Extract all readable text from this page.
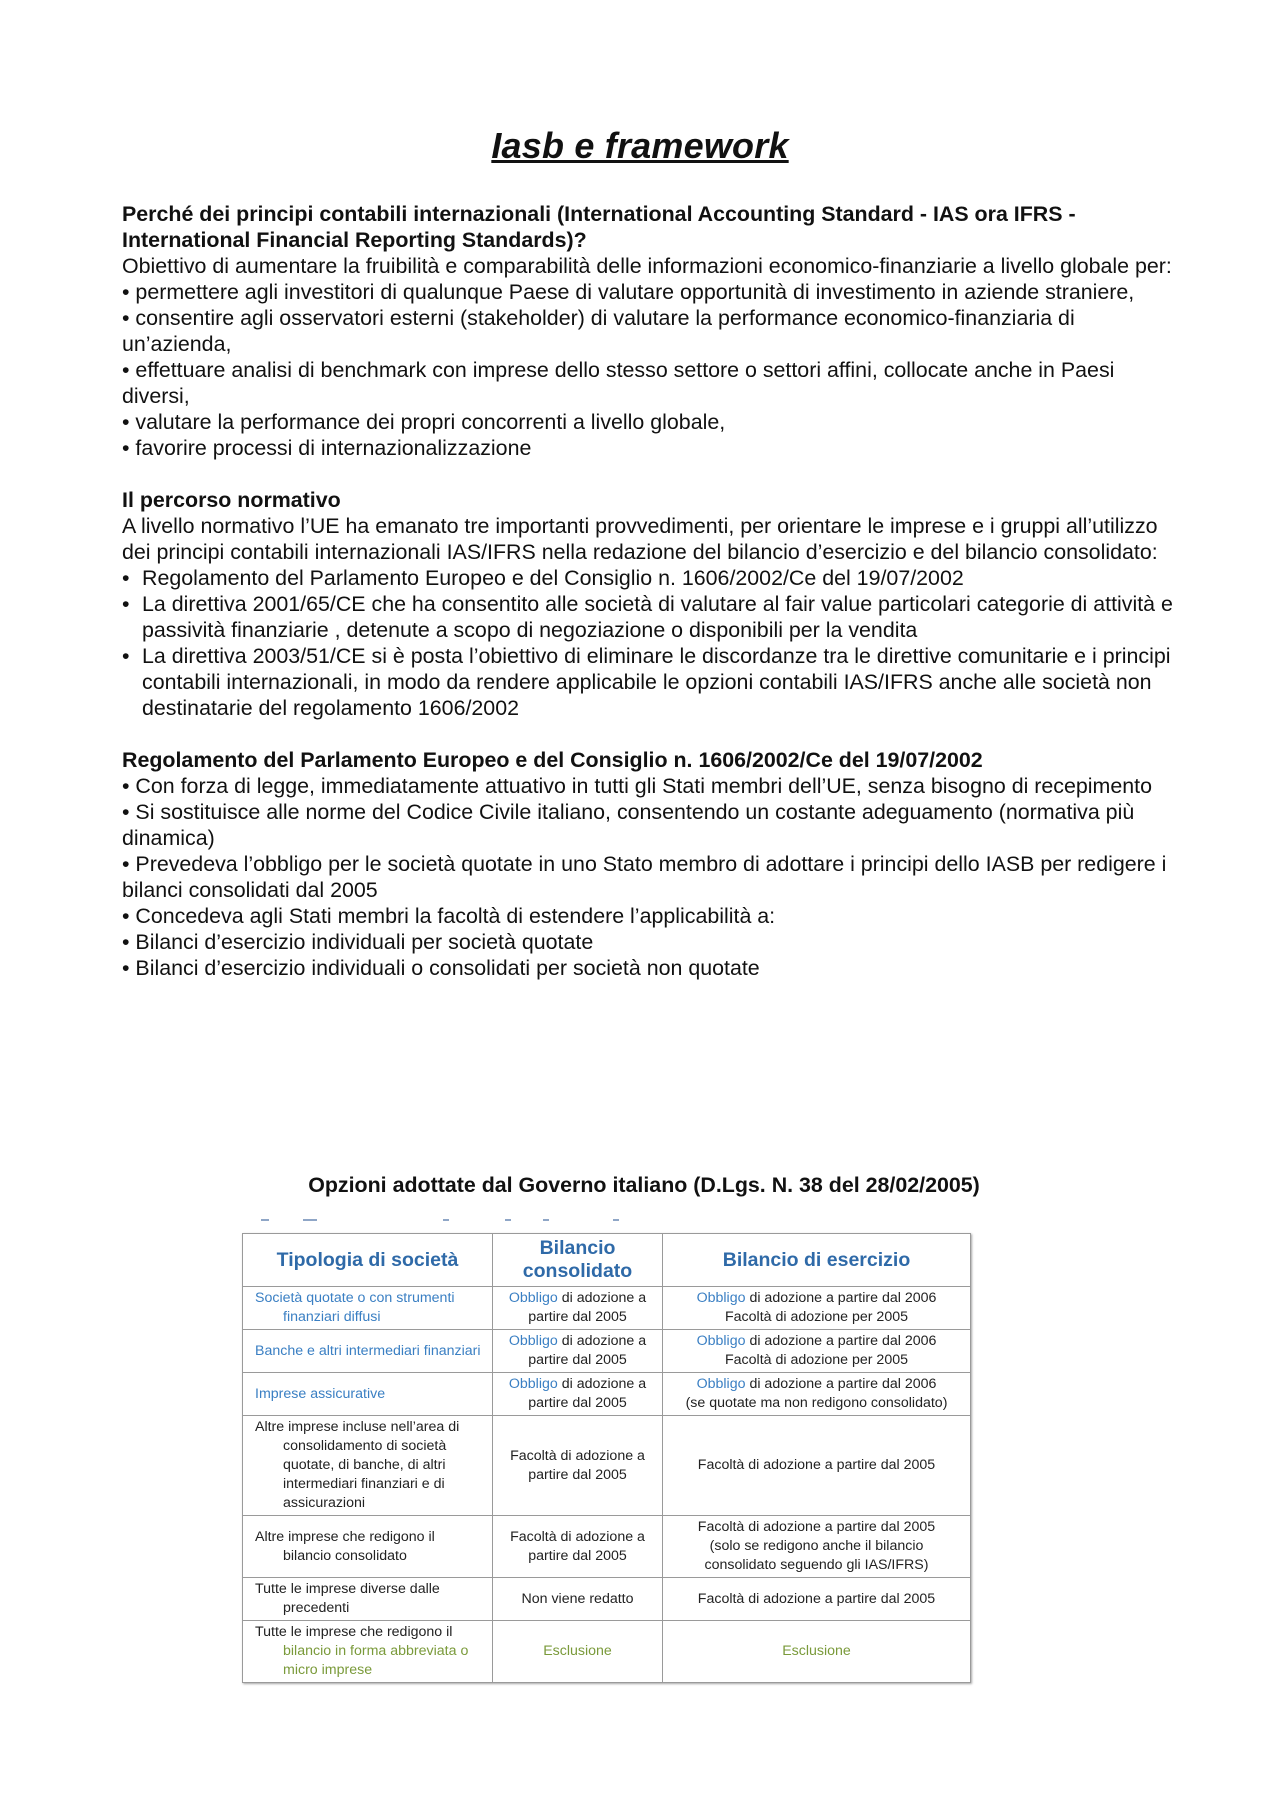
Iasb e framework

Perché dei principi contabili internazionali (International Accounting Standard - IAS ora IFRS - International Financial Reporting Standards)?

Obiettivo di aumentare la fruibilità e comparabilità delle informazioni economico-finanziarie a livello globale per:

• permettere agli investitori di qualunque Paese di valutare opportunità di investimento in aziende straniere,

• consentire agli osservatori esterni (stakeholder) di valutare la performance economico-finanziaria di un’azienda,

• effettuare analisi di benchmark con imprese dello stesso settore o settori affini, collocate anche in Paesi diversi,

• valutare la performance dei propri concorrenti a livello globale,

• favorire processi di internazionalizzazione

Il percorso normativo

A livello normativo l’UE ha emanato tre importanti provvedimenti, per orientare le imprese e i gruppi all’utilizzo dei principi contabili internazionali IAS/IFRS nella redazione del bilancio d’esercizio e del bilancio consolidato:

• Regolamento del Parlamento Europeo e del Consiglio n. 1606/2002/Ce del 19/07/2002
• La direttiva 2001/65/CE che ha consentito alle società di valutare al fair value particolari categorie di attività e passività finanziarie , detenute a scopo di negoziazione o disponibili per la vendita
• La direttiva 2003/51/CE si è posta l’obiettivo di eliminare le discordanze tra le direttive comunitarie e i principi contabili internazionali, in modo da rendere applicabile le opzioni contabili IAS/IFRS anche alle società non destinatarie del regolamento 1606/2002

Regolamento del Parlamento Europeo e del Consiglio n. 1606/2002/Ce del 19/07/2002

• Con forza di legge, immediatamente attuativo in tutti gli Stati membri dell’UE, senza bisogno di recepimento

• Si sostituisce alle norme del Codice Civile italiano, consentendo un costante adeguamento (normativa più dinamica)

• Prevedeva l’obbligo per le società quotate in uno Stato membro di adottare i principi dello IASB per redigere i bilanci consolidati dal 2005

• Concedeva agli Stati membri la facoltà di estendere l’applicabilità a:

• Bilanci d’esercizio individuali per società quotate

• Bilanci d’esercizio individuali o consolidati per società non quotate

Opzioni adottate dal Governo italiano (D.Lgs. N. 38 del 28/02/2005)
Tipologia di società	Bilancio consolidato	Bilancio di esercizio

Società quotate o con strumenti finanziari diffusi	Obbligo di adozione a partire dal 2005	Obbligo di adozione a partire dal 2006
Facoltà di adozione per 2005

Banche e altri intermediari finanziari	Obbligo di adozione a partire dal 2005	Obbligo di adozione a partire dal 2006
Facoltà di adozione per 2005

Imprese assicurative	Obbligo di adozione a partire dal 2005	Obbligo di adozione a partire dal 2006
(se quotate ma non redigono consolidato)

Altre imprese incluse nell’area di consolidamento di società quotate, di banche, di altri intermediari finanziari e di assicurazioni	Facoltà di adozione a partire dal 2005	Facoltà di adozione a partire dal 2005

Altre imprese che redigono il bilancio consolidato	Facoltà di adozione a partire dal 2005	Facoltà di adozione a partire dal 2005
(solo se redigono anche il bilancio consolidato seguendo gli IAS/IFRS)

Tutte le imprese diverse dalle precedenti	Non viene redatto	Facoltà di adozione a partire dal 2005

Tutte le imprese che redigono il bilancio in forma abbreviata o micro imprese	Esclusione	Esclusione
